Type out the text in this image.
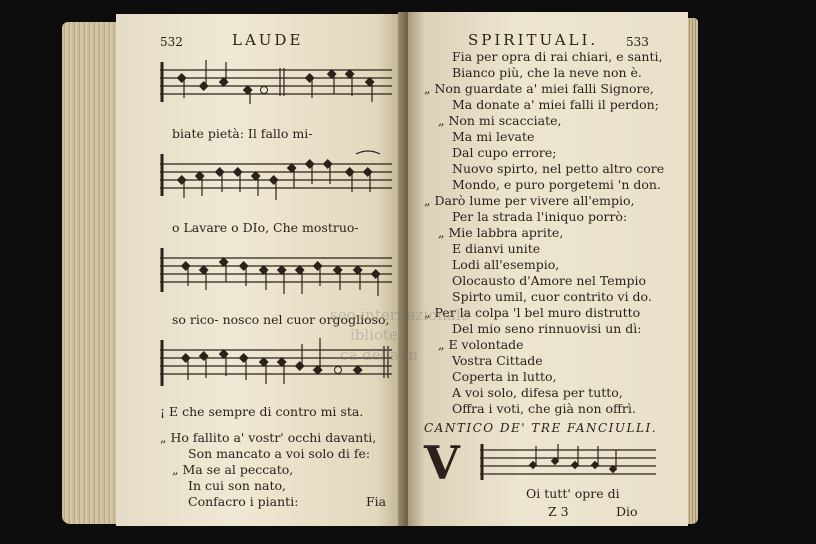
532	LAUDE
biate pietà: Il fallo mi-
o Lavare o DIo, Che mostruo-
so rico- nosco nel cuor orgoglioso,
¡ E che sempre di contro mi sta.
„ Ho fallito a' vostr' occhi davanti,
Son mancato a voi solo di fe:
„ Ma se al peccato,
In cui son nato,
Confacro i pianti:	Fia
SPIRITUALI. 533
Fia per opra di rai chiari, e santi,
Bianco più, che la neve non è.
„ Non guardate a' miei falli Signore,
Ma donate a' miei falli il perdon;
„ Non mi scacciate,
Ma mi levate
Dal cupo errore;
Nuovo spirto, nel petto altro core
Mondo, e puro porgetemi 'n don.
„ Darò lume per vivere all'empio,
Per la strada l'iniquo porrò:
„ Mie labbra aprite,
E dianvi unite
Lodi all'esempio,
Olocausto d'Amore nel Tempio
Spirto umil, cuor contrito vi do.
„ Per la colpa 'l bel muro distrutto
Del mio seno rinnuovisi un dì:
„ E volontade
Vostra Cittade
Coperta in lutto,
A voi solo, difesa per tutto,
Offra i voti, che già non offrì.
seo internazionale
ibliote
ca della m
CANTICO DE' TRE FANCIULLI.
V
Oi tutt' opre di
Z 3	Dio
